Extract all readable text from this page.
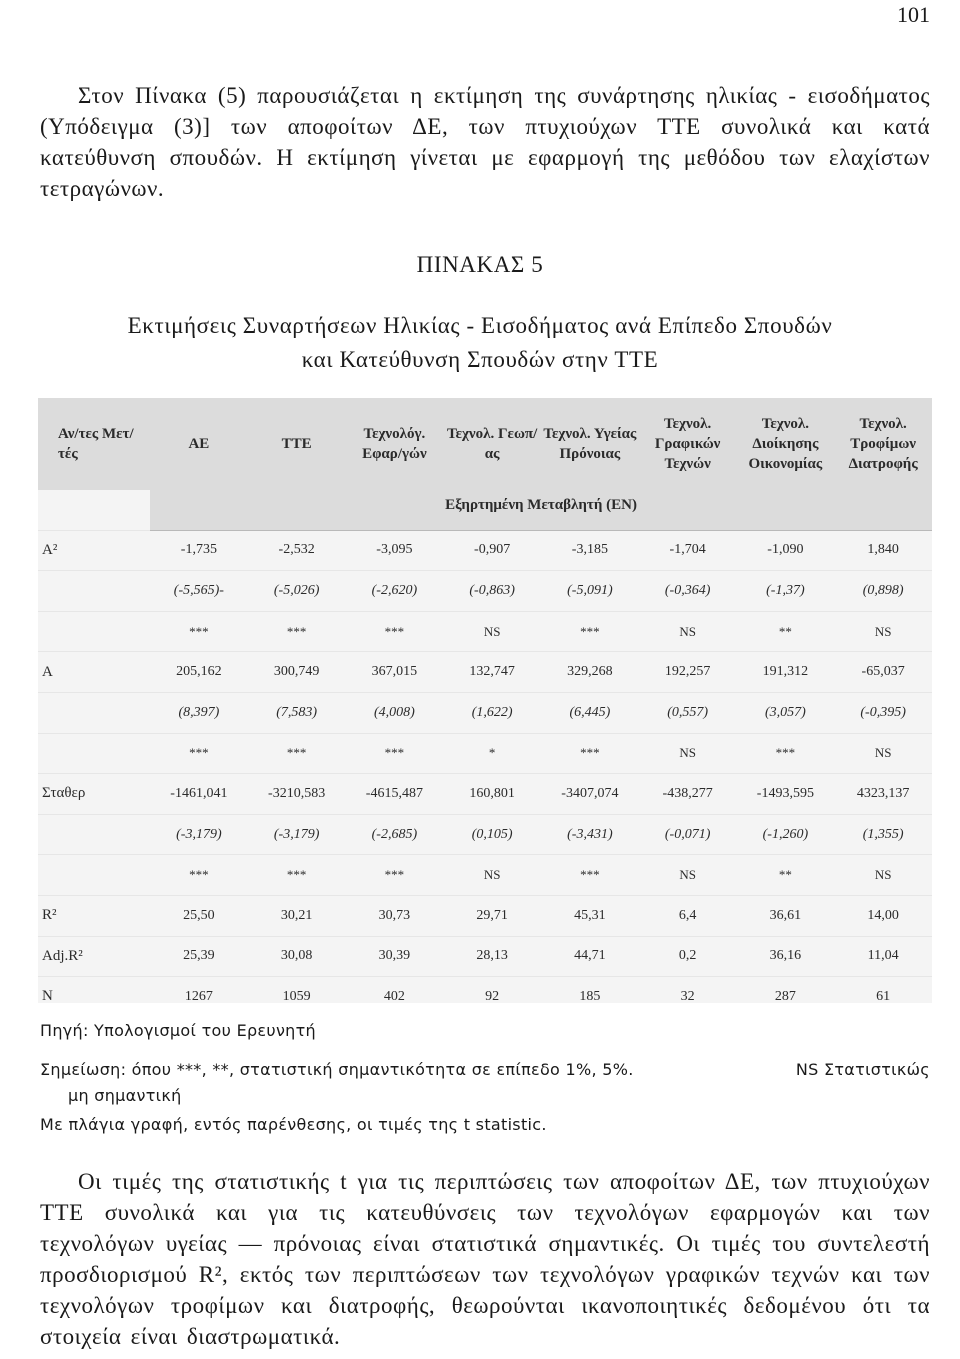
101

Στον Πίνακα (5) παρουσιάζεται η εκτίμηση της συνάρτησης ηλικίας - εισοδήματος (Υπόδειγμα (3)] των αποφοίτων ΔΕ, των πτυχιούχων ΤΤΕ συνολικά και κατά κατεύθυνση σπουδών. Η εκτίμηση γίνεται με εφαρμογή της μεθόδου των ελαχίστων τετραγώνων.

ΠΙΝΑΚΑΣ 5
Εκτιμήσεις Συναρτήσεων Ηλικίας - Εισοδήματος ανά Επίπεδο Σπουδών
και Κατεύθυνση Σπουδών στην ΤΤΕ
Αν/τες Μετ/τές	ΑΕ	ΤΤΕ	Τεχνολόγ. Εφαρ/γών	Τεχνολ. Γεωπ/ας	Τεχνολ. Υγείας Πρόνοιας	Τεχνολ. Γραφικών Τεχνών	Τεχνολ. Διοίκησης Οικονομίας	Τεχνολ. Τροφίμων Διατροφής
	Εξηρτημένη Μεταβλητή (ΕΝ)							
Α²	-1,735	-2,532	-3,095	-0,907	-3,185	-1,704	-1,090	1,840
	(-5,565)-	(-5,026)	(-2,620)	(-0,863)	(-5,091)	(-0,364)	(-1,37)	(0,898)
	***	***	***	NS	***	NS	**	NS
Α	205,162	300,749	367,015	132,747	329,268	192,257	191,312	-65,037
	(8,397)	(7,583)	(4,008)	(1,622)	(6,445)	(0,557)	(3,057)	(-0,395)
	***	***	***	*	***	NS	***	NS
Σταθερ	-1461,041	-3210,583	-4615,487	160,801	-3407,074	-438,277	-1493,595	4323,137
	(-3,179)	(-3,179)	(-2,685)	(0,105)	(-3,431)	(-0,071)	(-1,260)	(1,355)
	***	***	***	NS	***	NS	**	NS
R²	25,50	30,21	30,73	29,71	45,31	6,4	36,61	14,00
Adj.R²	25,39	30,08	30,39	28,13	44,71	0,2	36,16	11,04
Ν	1267	1059	402	92	185	32	287	61
Πηγή: Υπολογισμοί του Ερευνητή
Σημείωση: όπου ***, **, στατιστική σημαντικότητα σε επίπεδο 1%, 5%.	NS Στατιστικώς
μη σημαντική
Με πλάγια γραφή, εντός παρένθεσης, οι τιμές της t statistic.

Οι τιμές της στατιστικής t για τις περιπτώσεις των αποφοίτων ΔΕ, των πτυχιούχων ΤΤΕ συνολικά και για τις κατευθύνσεις των τεχνολόγων εφαρμογών και των τεχνολόγων υγείας — πρόνοιας είναι στατιστικά σημαντικές. Οι τιμές του συντελεστή προσδιορισμού R², εκτός των περιπτώσεων των τεχνολόγων γραφικών τεχνών και των τεχνολόγων τροφίμων και διατροφής, θεωρούνται ικανοποιητικές δεδομένου ότι τα στοιχεία είναι διαστρωματικά.
